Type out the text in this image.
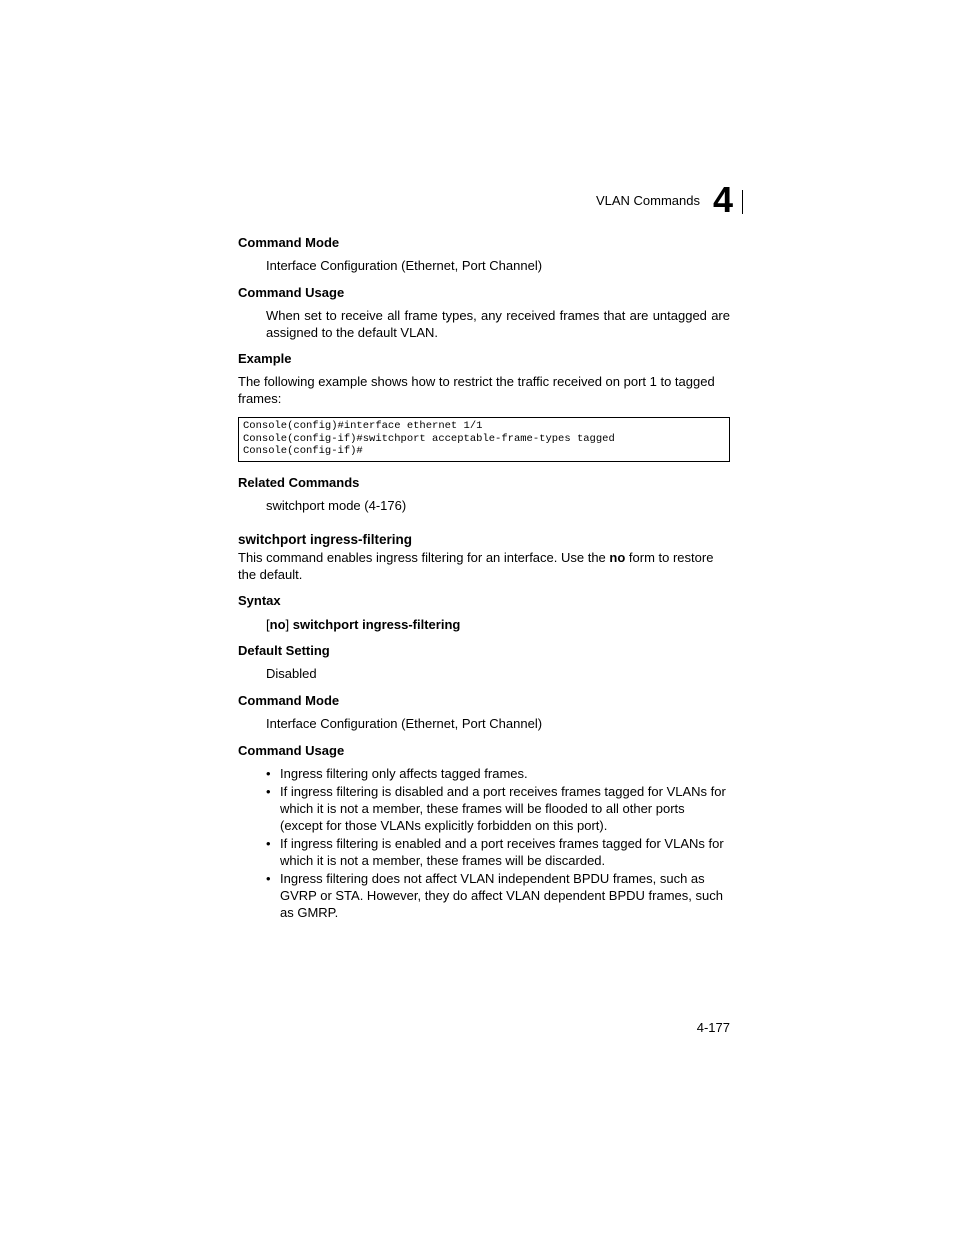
VLAN Commands 4
Command Mode
Interface Configuration (Ethernet, Port Channel)
Command Usage
When set to receive all frame types, any received frames that are untagged are assigned to the default VLAN.
Example
The following example shows how to restrict the traffic received on port 1 to tagged frames:
Console(config)#interface ethernet 1/1
Console(config-if)#switchport acceptable-frame-types tagged
Console(config-if)#
Related Commands
switchport mode (4-176)
switchport ingress-filtering
This command enables ingress filtering for an interface. Use the no form to restore the default.
Syntax
[no] switchport ingress-filtering
Default Setting
Disabled
Command Mode
Interface Configuration (Ethernet, Port Channel)
Command Usage
• Ingress filtering only affects tagged frames.
• If ingress filtering is disabled and a port receives frames tagged for VLANs for which it is not a member, these frames will be flooded to all other ports (except for those VLANs explicitly forbidden on this port).
• If ingress filtering is enabled and a port receives frames tagged for VLANs for which it is not a member, these frames will be discarded.
• Ingress filtering does not affect VLAN independent BPDU frames, such as GVRP or STA. However, they do affect VLAN dependent BPDU frames, such as GMRP.
4-177
